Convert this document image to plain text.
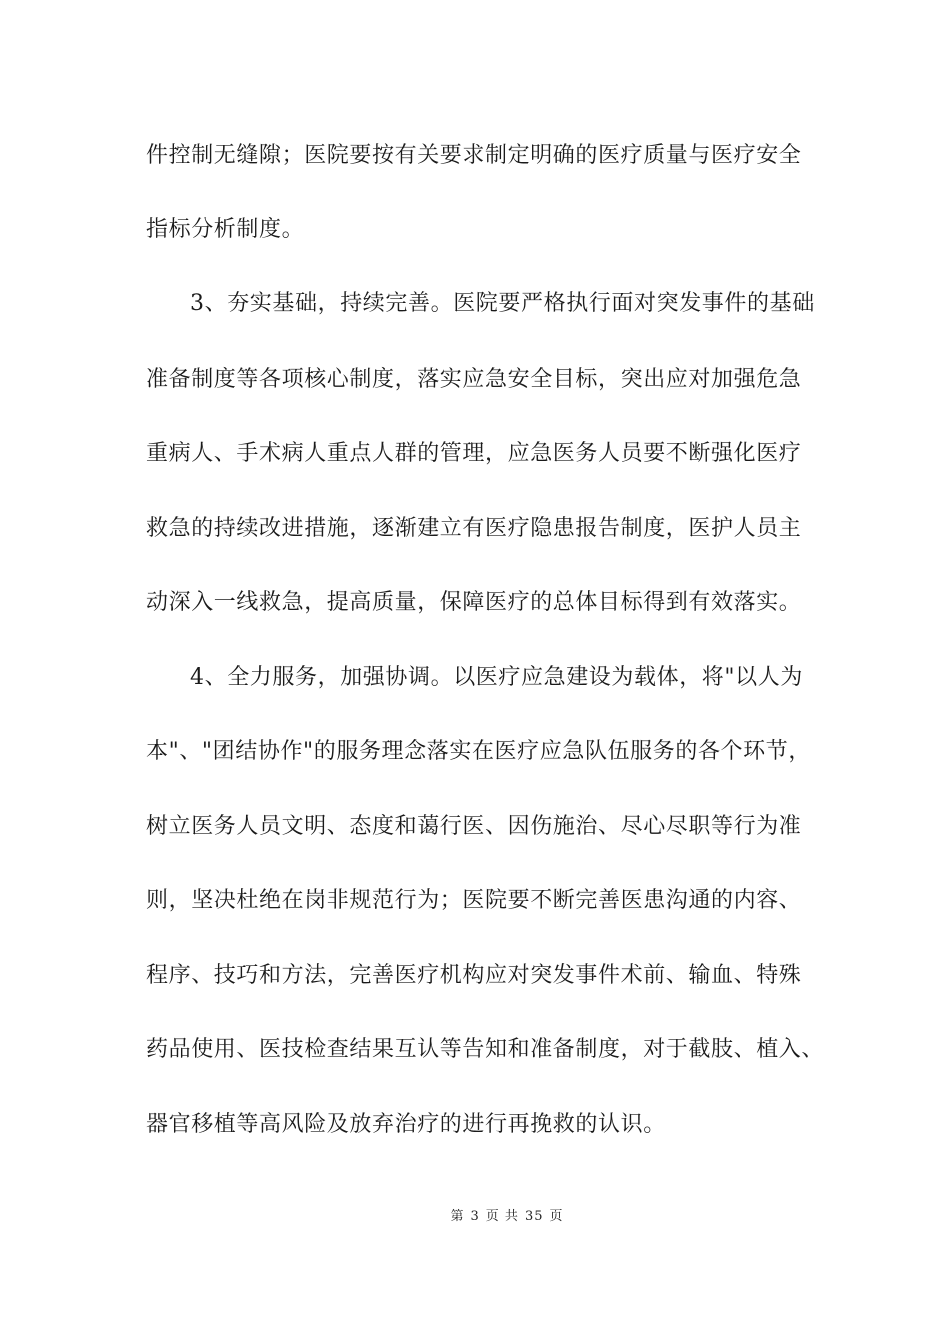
件控制无缝隙；医院要按有关要求制定明确的医疗质量与医疗安全
指标分析制度。
3、夯实基础，持续完善。医院要严格执行面对突发事件的基础
准备制度等各项核心制度，落实应急安全目标，突出应对加强危急
重病人、手术病人重点人群的管理，应急医务人员要不断强化医疗
救急的持续改进措施，逐渐建立有医疗隐患报告制度，医护人员主
动深入一线救急，提高质量，保障医疗的总体目标得到有效落实。
4、全力服务，加强协调。以医疗应急建设为载体，将"以人为
本"、"团结协作"的服务理念落实在医疗应急队伍服务的各个环节，
树立医务人员文明、态度和蔼行医、因伤施治、尽心尽职等行为准
则，坚决杜绝在岗非规范行为；医院要不断完善医患沟通的内容、
程序、技巧和方法，完善医疗机构应对突发事件术前、输血、特殊
药品使用、医技检查结果互认等告知和准备制度，对于截肢、植入、
器官移植等高风险及放弃治疗的进行再挽救的认识。
第 3 页 共 35 页
